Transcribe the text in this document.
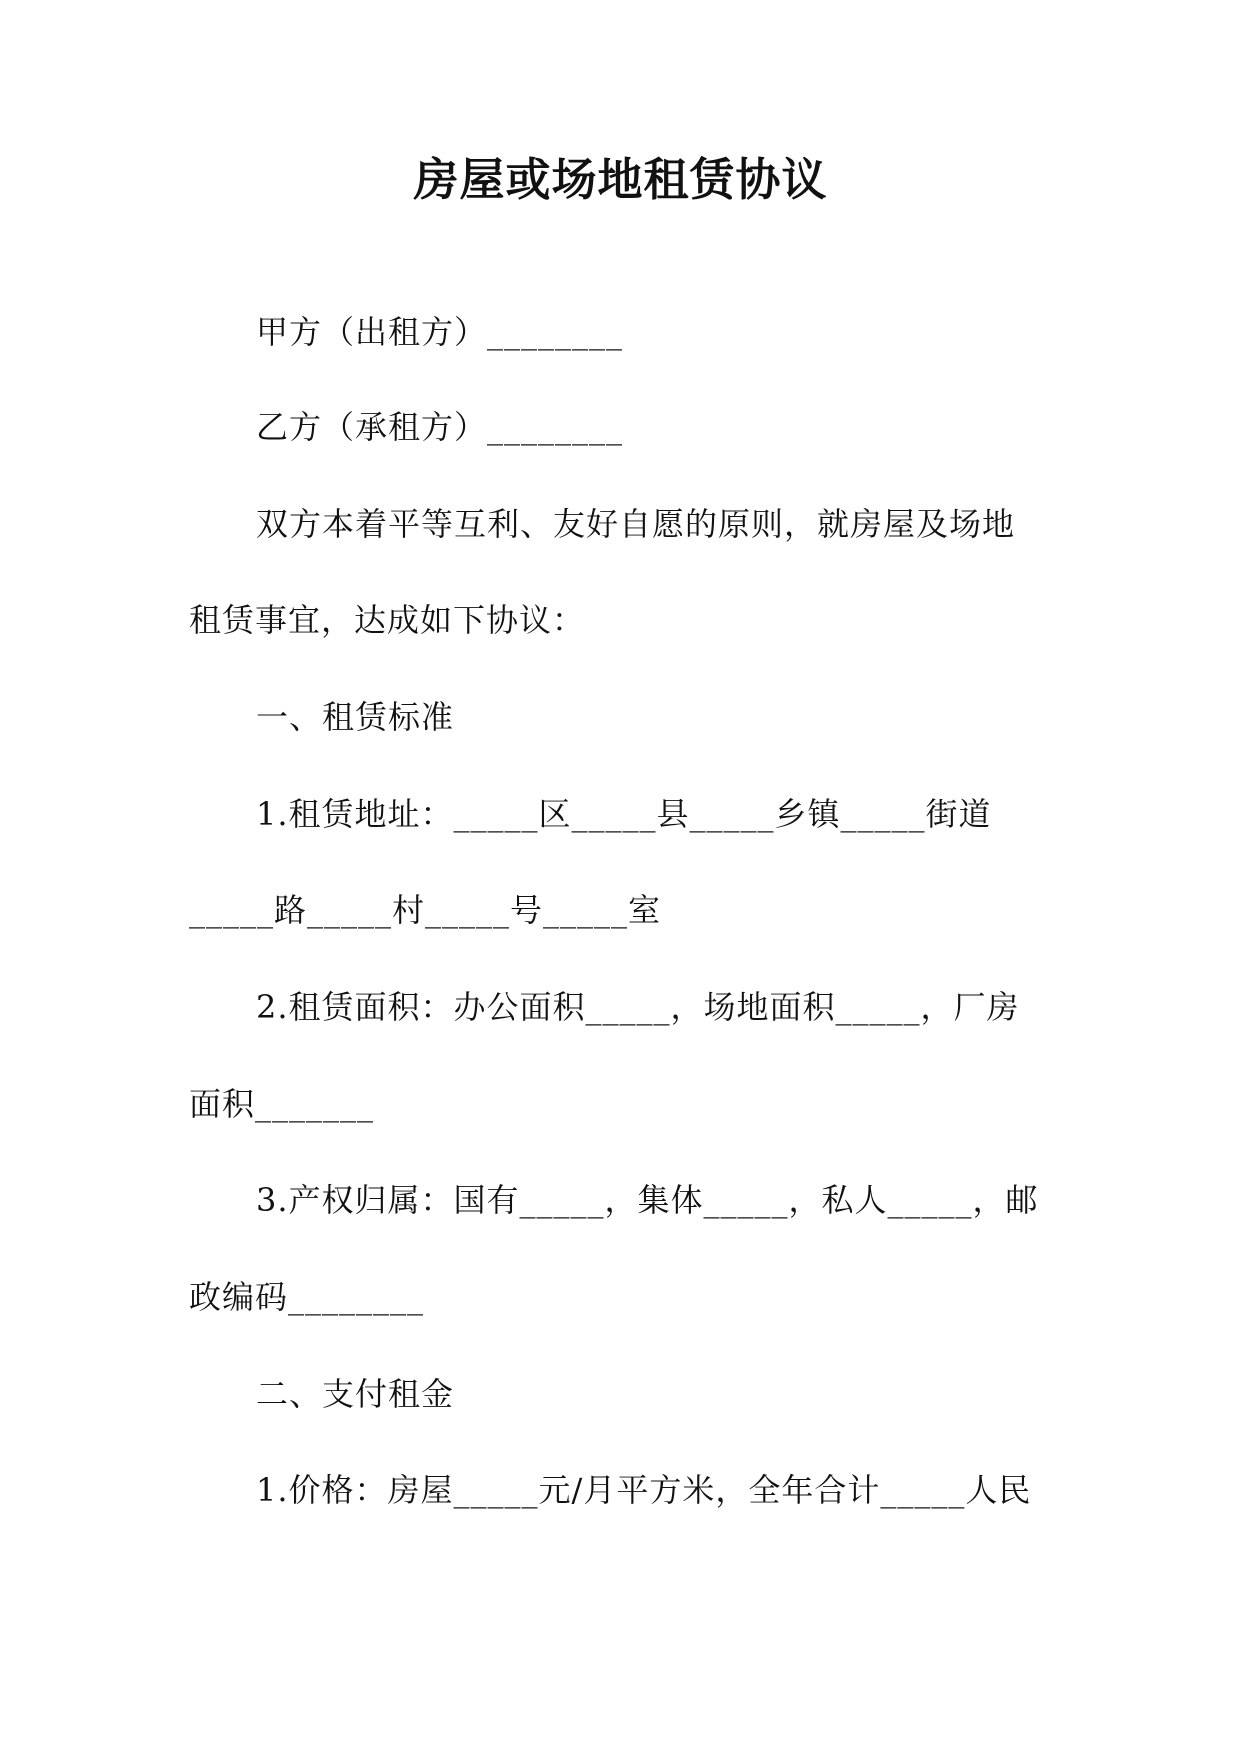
房屋或场地租赁协议
甲方（出租方）________
乙方（承租方）________
双方本着平等互利、友好自愿的原则，就房屋及场地
租赁事宜，达成如下协议：
一、租赁标准
1.租赁地址：_____区_____县_____乡镇_____街道
_____路_____村_____号_____室
2.租赁面积：办公面积_____，场地面积_____，厂房
面积_______
3.产权归属：国有_____，集体_____，私人_____，邮
政编码________
二、支付租金
1.价格：房屋_____元/月平方米，全年合计_____人民
